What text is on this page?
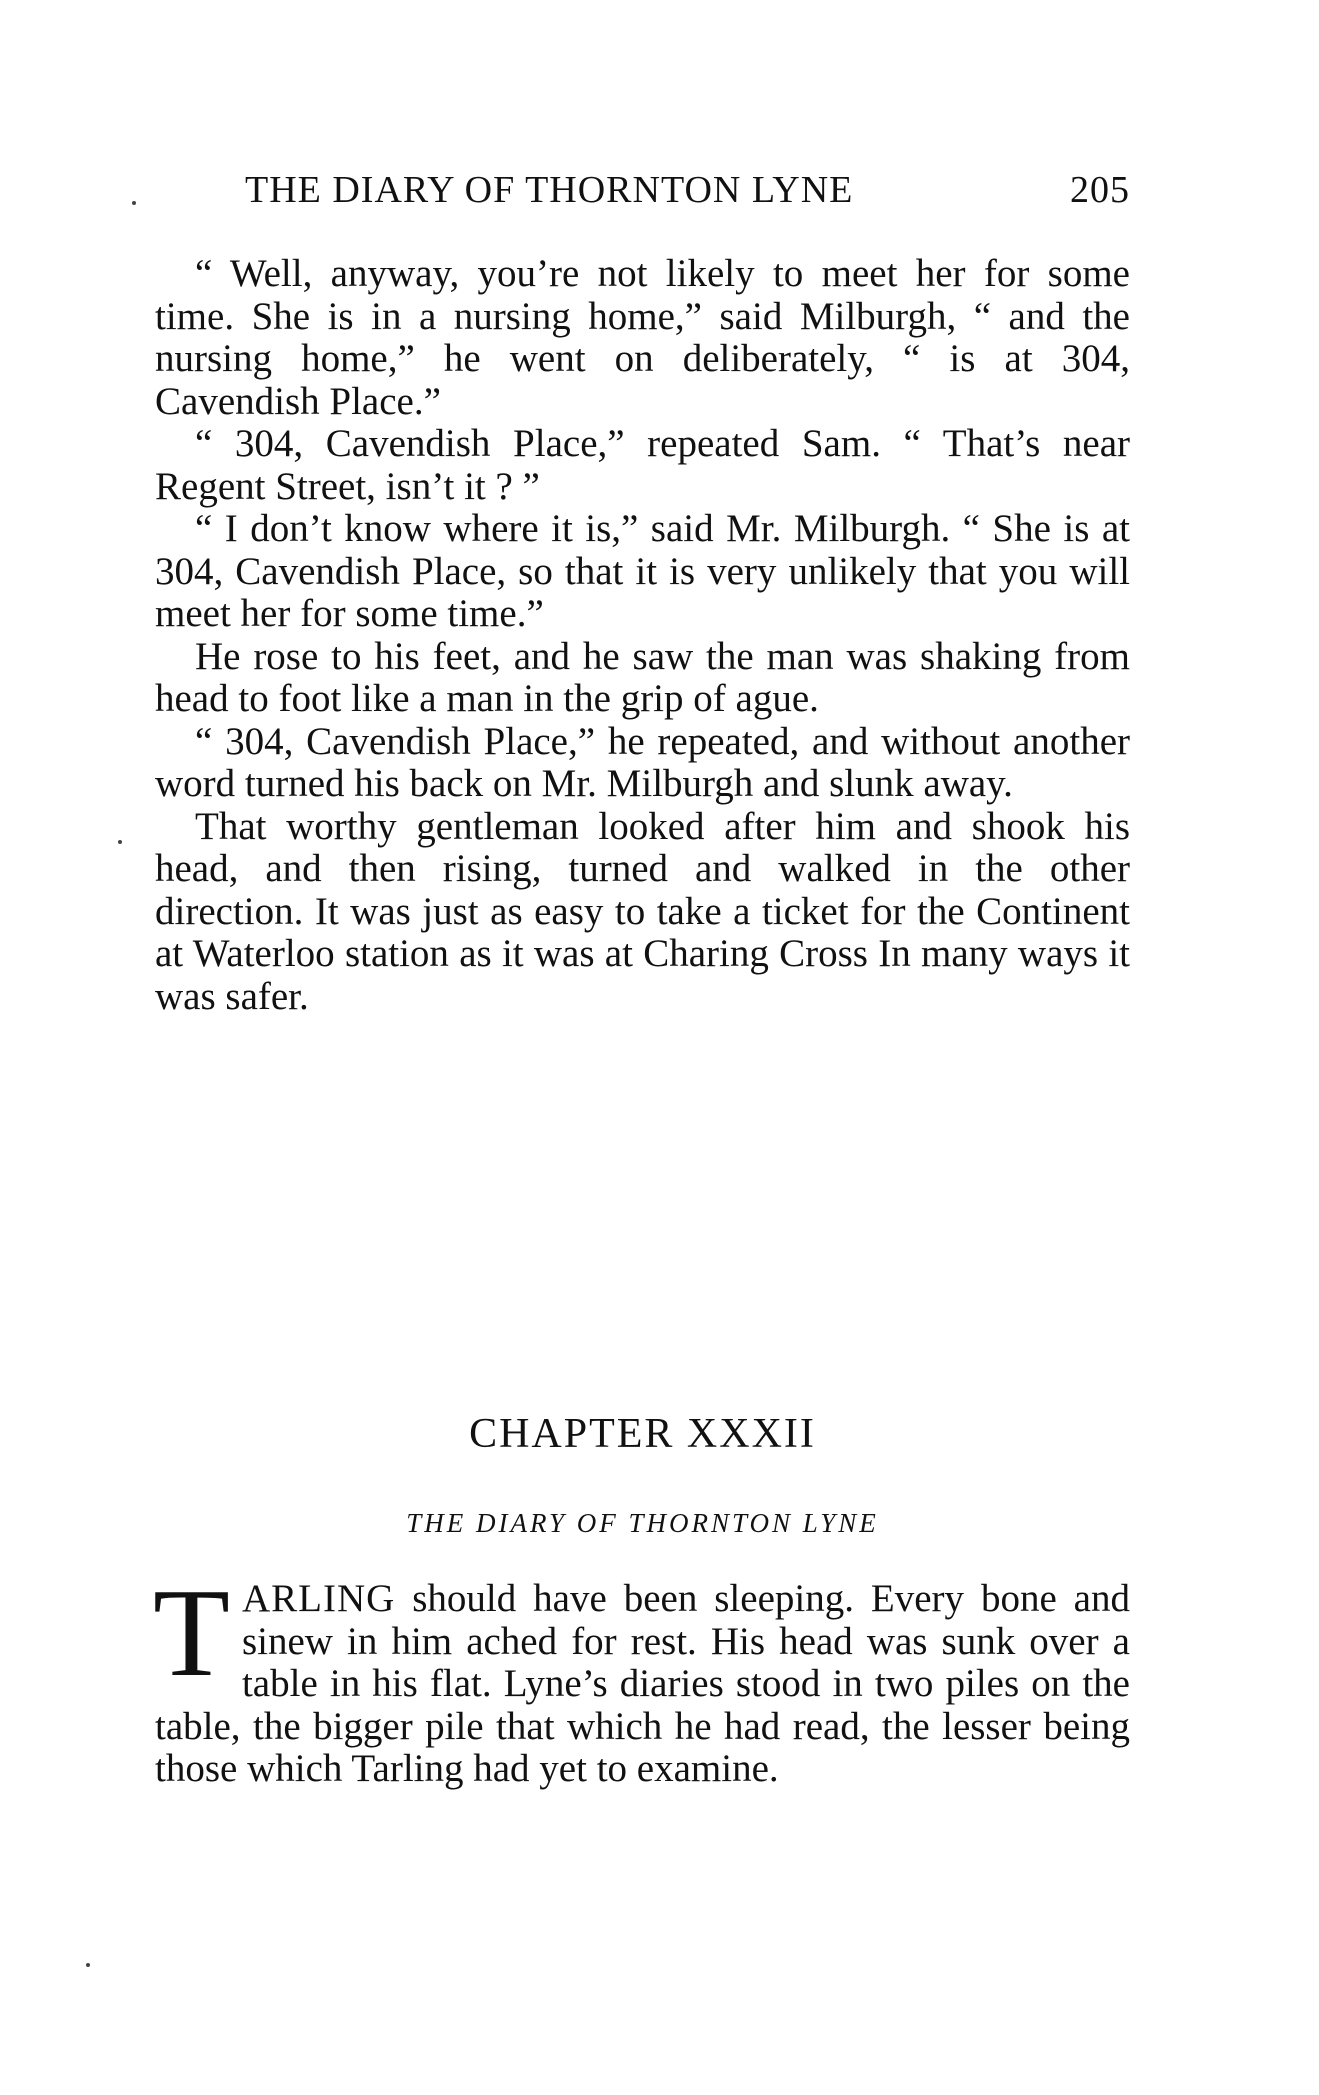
THE DIARY OF THORNTON LYNE	205

“ Well, anyway, you’re not likely to meet her for some time. She is in a nursing home,” said Milburgh, “ and the nursing home,” he went on deliberately, “ is at 304, Cavendish Place.”

“ 304, Cavendish Place,” repeated Sam. “ That’s near Regent Street, isn’t it ? ”

“ I don’t know where it is,” said Mr. Milburgh. “ She is at 304, Cavendish Place, so that it is very unlikely that you will meet her for some time.”

He rose to his feet, and he saw the man was shaking from head to foot like a man in the grip of ague.

“ 304, Cavendish Place,” he repeated, and without another word turned his back on Mr. Milburgh and slunk away.

That worthy gentleman looked after him and shook his head, and then rising, turned and walked in the other direction. It was just as easy to take a ticket for the Continent at Waterloo station as it was at Charing Cross In many ways it was safer.

CHAPTER XXXII
THE DIARY OF THORNTON LYNE
TARLING should have been sleeping. Every bone and sinew in him ached for rest. His head was sunk over a table in his flat. Lyne’s diaries stood in two piles on the table, the bigger pile that which he had read, the lesser being those which Tarling had yet to examine.
